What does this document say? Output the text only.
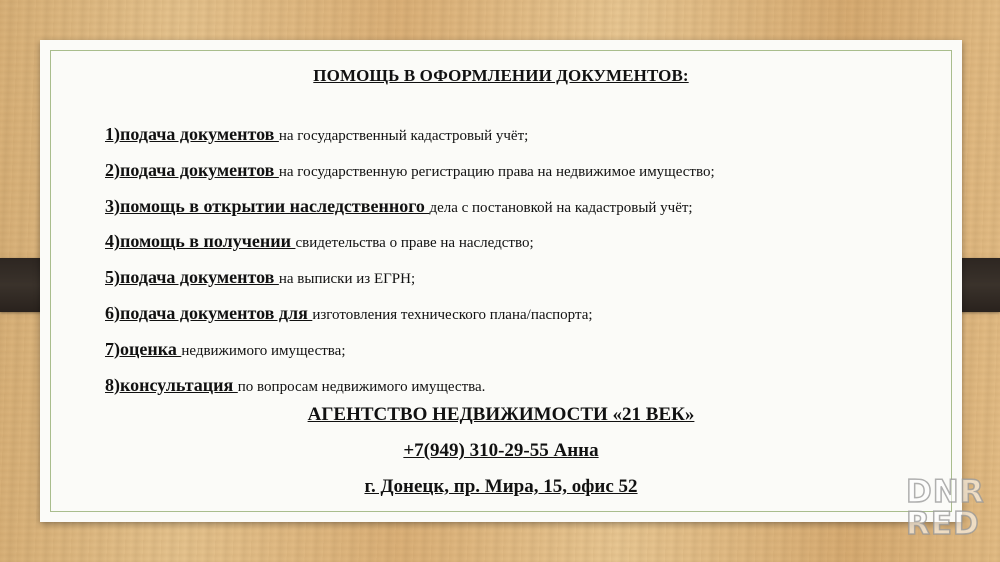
ПОМОЩЬ В ОФОРМЛЕНИИ ДОКУМЕНТОВ:
1)подача документов на государственный кадастровый учёт;
2)подача документов на государственную регистрацию права на недвижимое имущество;
3)помощь в открытии наследственного дела с постановкой на кадастровый учёт;
4)помощь в получении свидетельства о праве на наследство;
5)подача документов на выписки из ЕГРН;
6)подача документов для изготовления технического плана/паспорта;
7)оценка недвижимого имущества;
8)консультация по вопросам недвижимого имущества.
АГЕНТСТВО НЕДВИЖИМОСТИ «21 ВЕК»
+7(949) 310-29-55 Анна
г. Донецк, пр. Мира, 15, офис 52	DNR
RED
